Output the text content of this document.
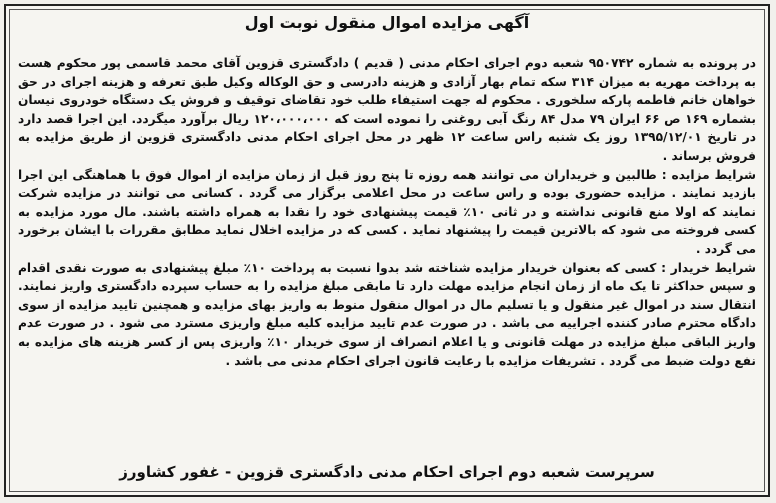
آگهی مزایده اموال منقول نوبت اول

در پرونده به شماره ۹۵۰۷۴۲ شعبه دوم اجرای احکام مدنی ( قدیم ) دادگستری قزوین آقای محمد قاسمی پور محکوم هست به پرداخت مهریه به میزان ۳۱۴ سکه تمام بهار آزادی و هزینه دادرسی و حق الوکاله وکیل طبق تعرفه و هزینه اجرای در حق خواهان خانم فاطمه پارکه سلخوری . محکوم له جهت استیفاء طلب خود تقاضای توقیف و فروش یک دستگاه خودروی نیسان بشماره ۱۶۹ ص ۶۶ ایران ۷۹ مدل ۸۴ رنگ آبی روغنی را نموده است که ۱۲۰،۰۰۰،۰۰۰ ریال برآورد میگردد. این اجرا قصد دارد در تاریخ ۱۳۹۵/۱۲/۰۱ روز یک شنبه راس ساعت ۱۲ ظهر در محل اجرای احکام مدنی دادگستری قزوین از طریق مزایده به فروش برساند .

شرایط مزایده : طالبین و خریداران می توانند همه روزه تا پنج روز قبل از زمان مزایده از اموال فوق با هماهنگی این اجرا بازدید نمایند . مزایده حضوری بوده و راس ساعت در محل اعلامی برگزار می گردد . کسانی می توانند در مزایده شرکت نمایند که اولا منع قانونی نداشته و در ثانی ۱۰٪ قیمت پیشنهادی خود را نقدا به همراه داشته باشند. مال مورد مزایده به کسی فروخته می شود که بالاترین قیمت را پیشنهاد نماید . کسی که در مزایده اخلال نماید مطابق مقررات با ایشان برخورد می گردد .

شرایط خریدار : کسی که بعنوان خریدار مزایده شناخته شد بدوا نسبت به پرداخت ۱۰٪ مبلغ پیشنهادی به صورت نقدی اقدام و سپس حداکثر تا یک ماه از زمان انجام مزایده مهلت دارد تا مابقی مبلغ مزایده را به حساب سپرده دادگستری واریز نمایند. انتقال سند در اموال غیر منقول و یا تسلیم مال در اموال منقول منوط به واریز بهای مزایده و همچنین تایید مزایده از سوی دادگاه محترم صادر کننده اجراییه می باشد . در صورت عدم تایید مزایده کلیه مبلغ واریزی مسترد می شود . در صورت عدم واریز الباقی مبلغ مزایده در مهلت قانونی و یا اعلام انصراف از سوی خریدار ۱۰٪ واریزی پس از کسر هزینه های مزایده به نفع دولت ضبط می گردد . تشریفات مزایده با رعایت قانون اجرای احکام مدنی می باشد .

سرپرست شعبه دوم اجرای احکام مدنی دادگستری قزوین - غفور کشاورز
